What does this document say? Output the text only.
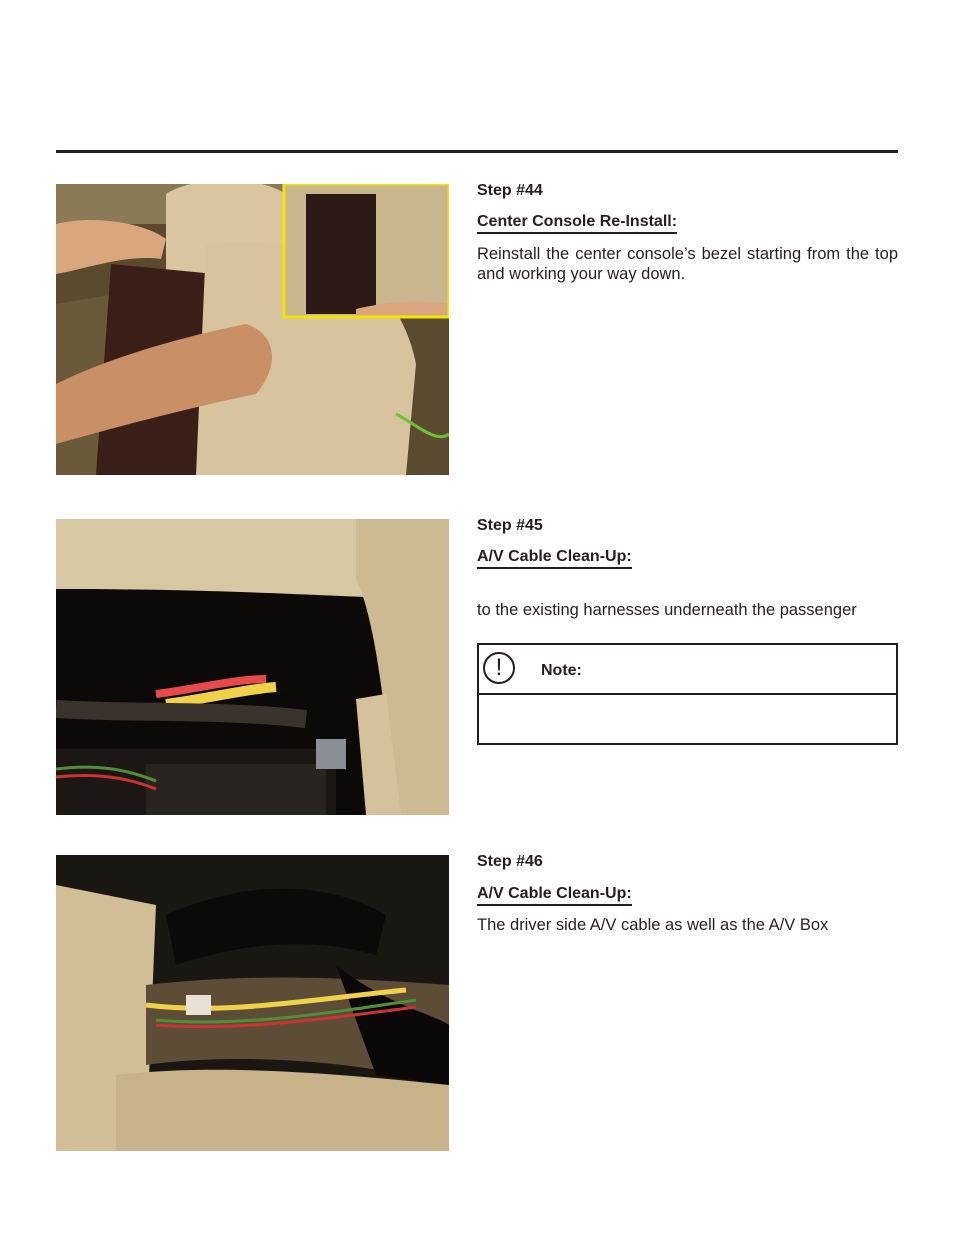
Step #44
Center Console Re-Install:

Reinstall the center console’s bezel starting from the top and working your way down.

Step #45
A/V Cable Clean-Up:

to the existing harnesses underneath the passenger

!	Note:
Step #46
A/V Cable Clean-Up:

The driver side A/V cable as well as the A/V Box
